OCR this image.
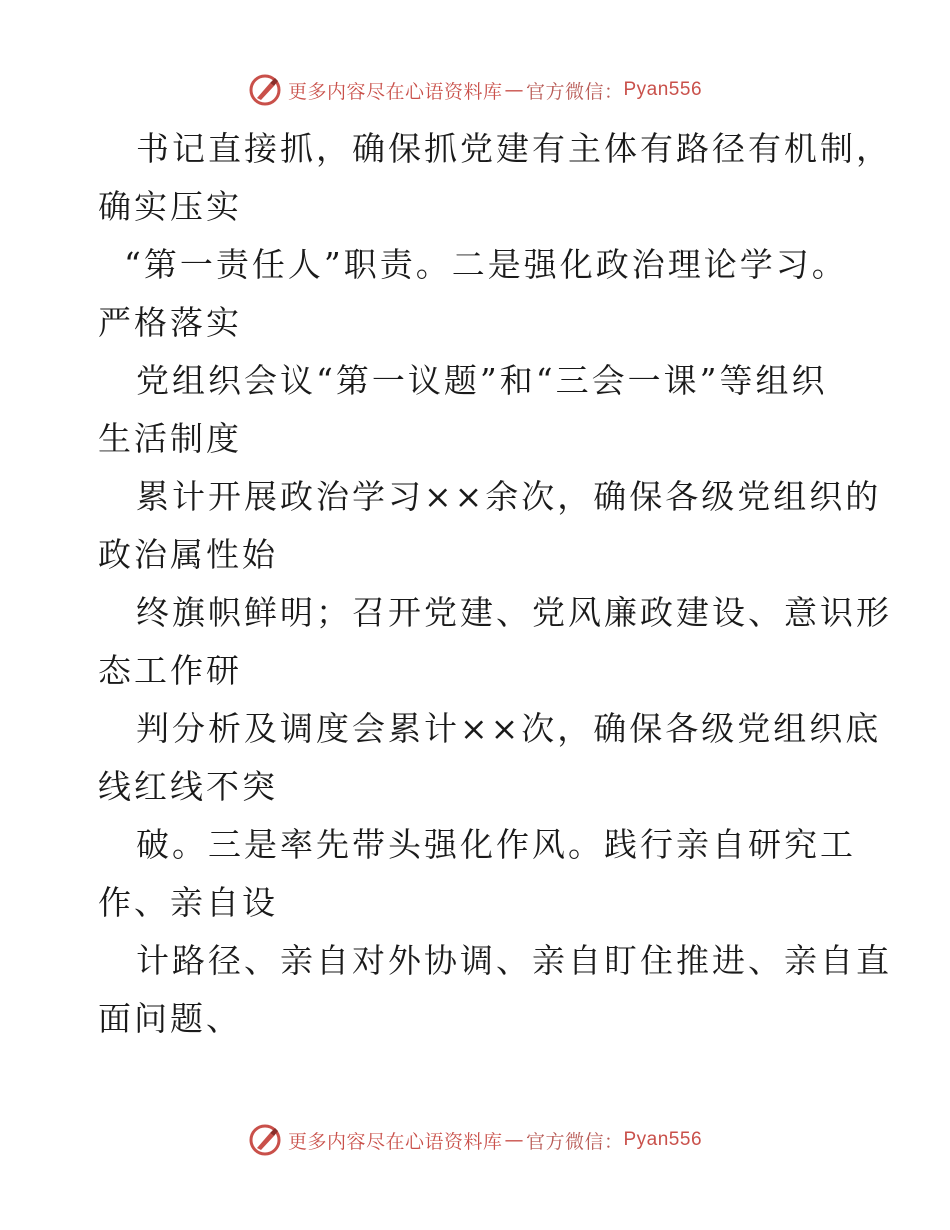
更多内容尽在心语资料库 — 官方微信： Pyan556
书记直接抓，确保抓党建有主体有路径有机制，
确实压实
“第一责任人”职责。二是强化政治理论学习。
严格落实
党组织会议“第一议题”和“三会一课”等组织
生活制度
累计开展政治学习××余次，确保各级党组织的
政治属性始
终旗帜鲜明；召开党建、党风廉政建设、意识形
态工作研
判分析及调度会累计××次，确保各级党组织底
线红线不突
破。三是率先带头强化作风。践行亲自研究工
作、亲自设
计路径、亲自对外协调、亲自盯住推进、亲自直
面问题、
更多内容尽在心语资料库 — 官方微信： Pyan556
